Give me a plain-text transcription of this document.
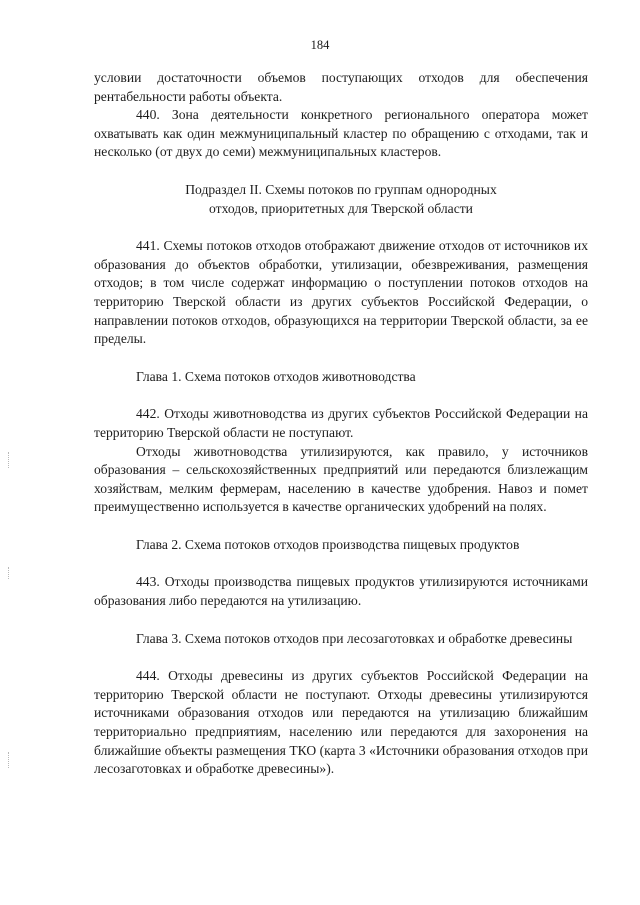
184

условии достаточности объемов поступающих отходов для обеспечения рентабельности работы объекта.

440. Зона деятельности конкретного регионального оператора может охватывать как один межмуниципальный кластер по обращению с отходами, так и несколько (от двух до семи) межмуниципальных кластеров.

Подраздел II. Схемы потоков по группам однородных отходов, приоритетных для Тверской области

441. Схемы потоков отходов отображают движение отходов от источников их образования до объектов обработки, утилизации, обезвреживания, размещения отходов; в том числе содержат информацию о поступлении потоков отходов на территорию Тверской области из других субъектов Российской Федерации, о направлении потоков отходов, образующихся на территории Тверской области, за ее пределы.

Глава 1. Схема потоков отходов животноводства

442. Отходы животноводства из других субъектов Российской Федерации на территорию Тверской области не поступают.

Отходы животноводства утилизируются, как правило, у источников образования – сельскохозяйственных предприятий или передаются близлежащим хозяйствам, мелким фермерам, населению в качестве удобрения. Навоз и помет преимущественно используется в качестве органических удобрений на полях.

Глава 2. Схема потоков отходов производства пищевых продуктов

443. Отходы производства пищевых продуктов утилизируются источниками образования либо передаются на утилизацию.

Глава 3. Схема потоков отходов при лесозаготовках и обработке древесины

444. Отходы древесины из других субъектов Российской Федерации на территорию Тверской области не поступают. Отходы древесины утилизируются источниками образования отходов или передаются на утилизацию ближайшим территориально предприятиям, населению или передаются для захоронения на ближайшие объекты размещения ТКО (карта 3 «Источники образования отходов при лесозаготовках и обработке древесины»).
